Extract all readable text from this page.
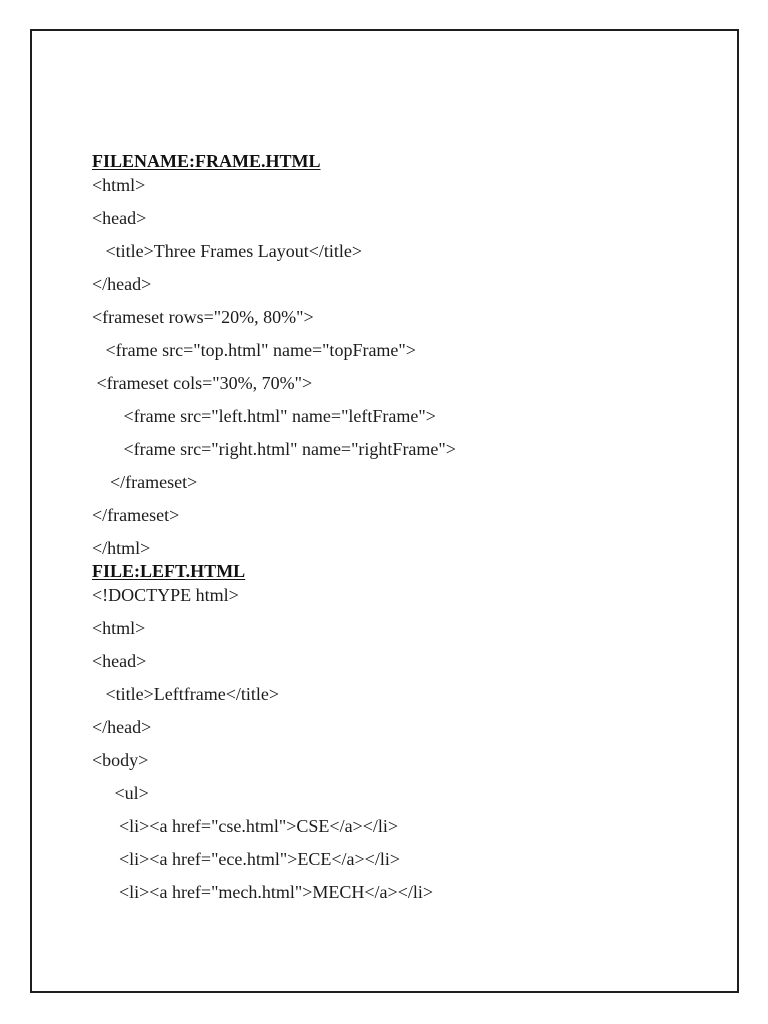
FILENAME:FRAME.HTML
<html>
<head>
<title>Three Frames Layout</title>
</head>
<frameset rows="20%, 80%">
<frame src="top.html" name="topFrame">
<frameset cols="30%, 70%">
<frame src="left.html" name="leftFrame">
<frame src="right.html" name="rightFrame">
</frameset>
</frameset>
</html>
FILE:LEFT.HTML
<!DOCTYPE html>
<html>
<head>
<title>Leftframe</title>
</head>
<body>
<ul>
<li><a href="cse.html">CSE</a></li>
<li><a href="ece.html">ECE</a></li>
<li><a href="mech.html">MECH</a></li>
